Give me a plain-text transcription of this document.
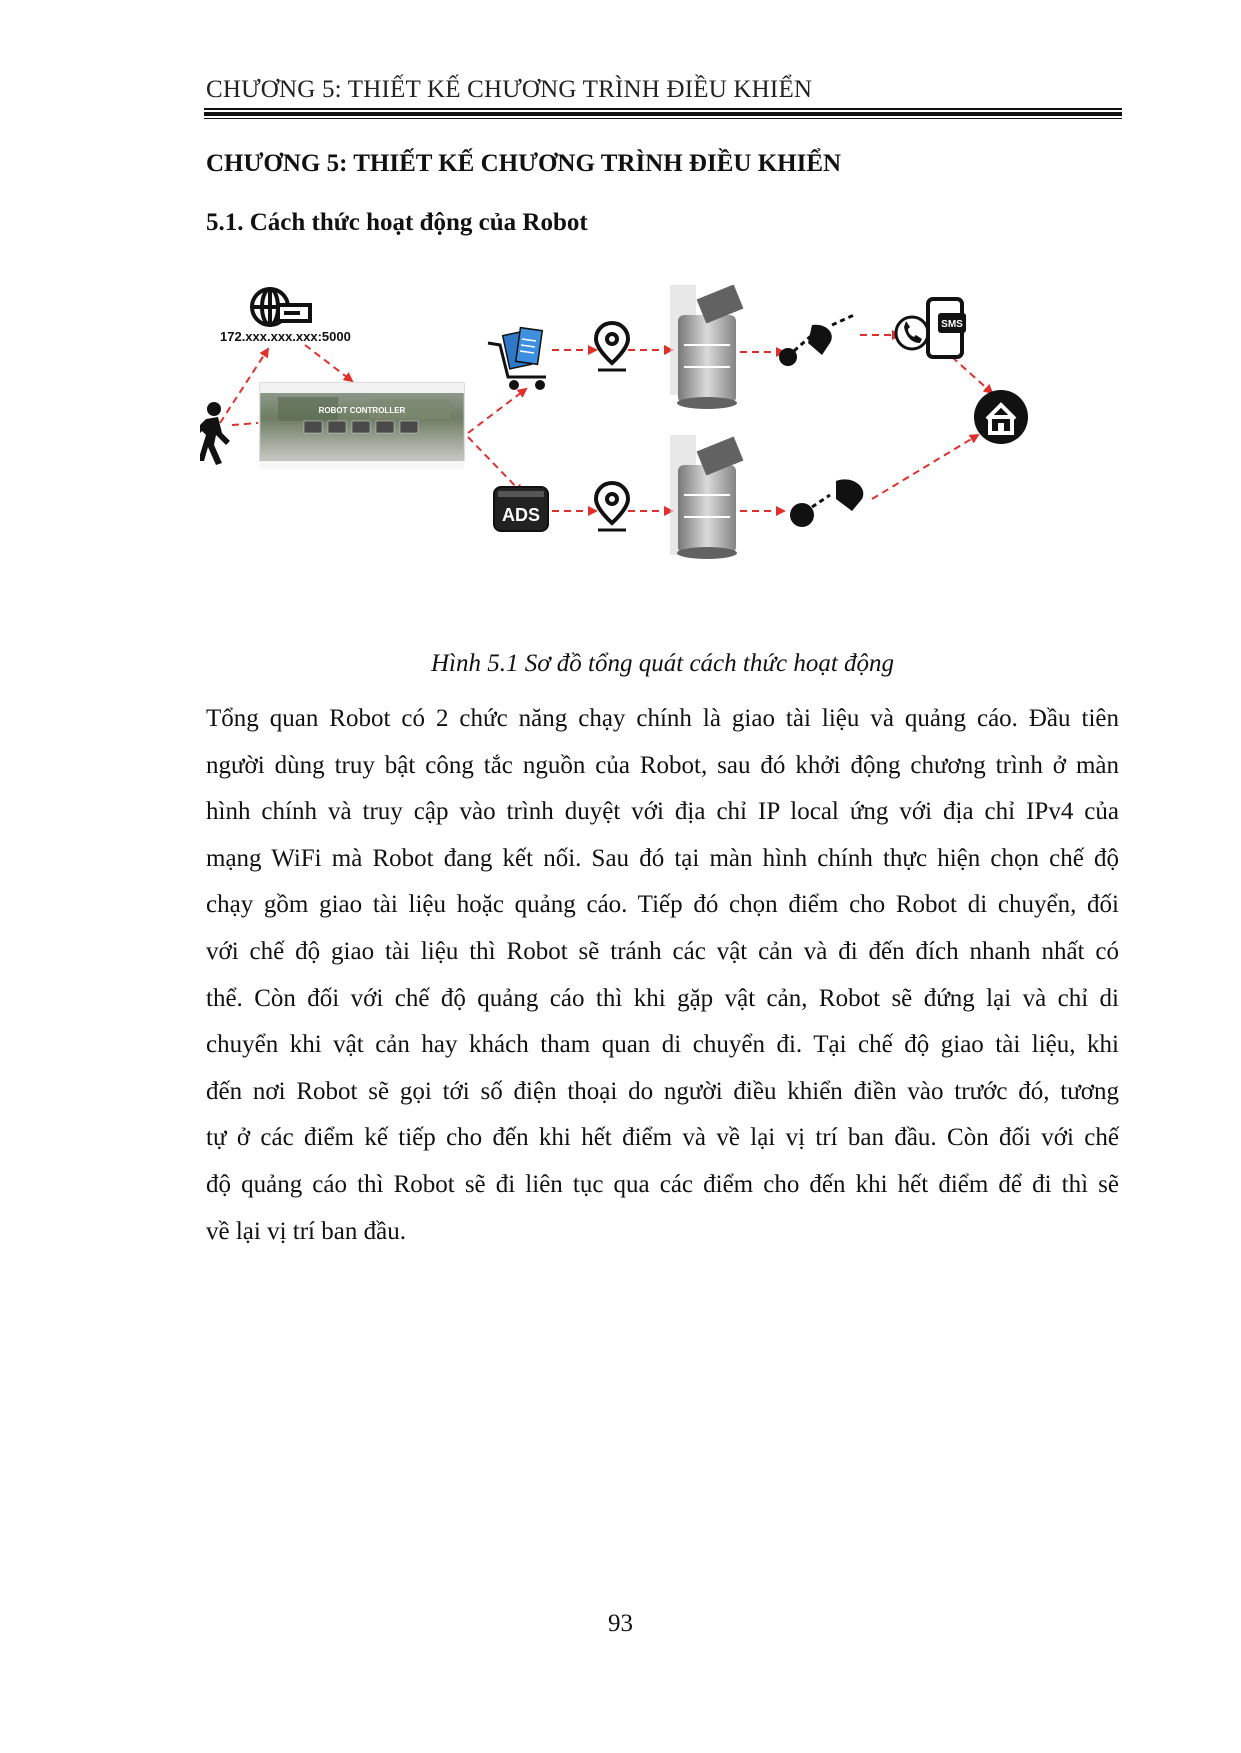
CHƯƠNG 5: THIẾT KẾ CHƯƠNG TRÌNH ĐIỀU KHIỂN
CHƯƠNG 5: THIẾT KẾ CHƯƠNG TRÌNH ĐIỀU KHIỂN
5.1. Cách thức hoạt động của Robot
172.xxx.xxx.xxx:5000
ROBOT CONTROLLER
ADS
SMS
Hình 5.1 Sơ đồ tổng quát cách thức hoạt động
Tổng quan Robot có 2 chức năng chạy chính là giao tài liệu và quảng cáo. Đầu tiên
người dùng truy bật công tắc nguồn của Robot, sau đó khởi động chương trình ở màn
hình chính và truy cập vào trình duyệt với địa chỉ IP local ứng với địa chỉ IPv4 của
mạng WiFi mà Robot đang kết nối. Sau đó tại màn hình chính thực hiện chọn chế độ
chạy gồm giao tài liệu hoặc quảng cáo. Tiếp đó chọn điểm cho Robot di chuyển, đối
với chế độ giao tài liệu thì Robot sẽ tránh các vật cản và đi đến đích nhanh nhất có
thể. Còn đối với chế độ quảng cáo thì khi gặp vật cản, Robot sẽ đứng lại và chỉ di
chuyển khi vật cản hay khách tham quan di chuyển đi. Tại chế độ giao tài liệu, khi
đến nơi Robot sẽ gọi tới số điện thoại do người điều khiển điền vào trước đó, tương
tự ở các điểm kế tiếp cho đến khi hết điểm và về lại vị trí ban đầu. Còn đối với chế
độ quảng cáo thì Robot sẽ đi liên tục qua các điểm cho đến khi hết điểm để đi thì sẽ
về lại vị trí ban đầu.
93
